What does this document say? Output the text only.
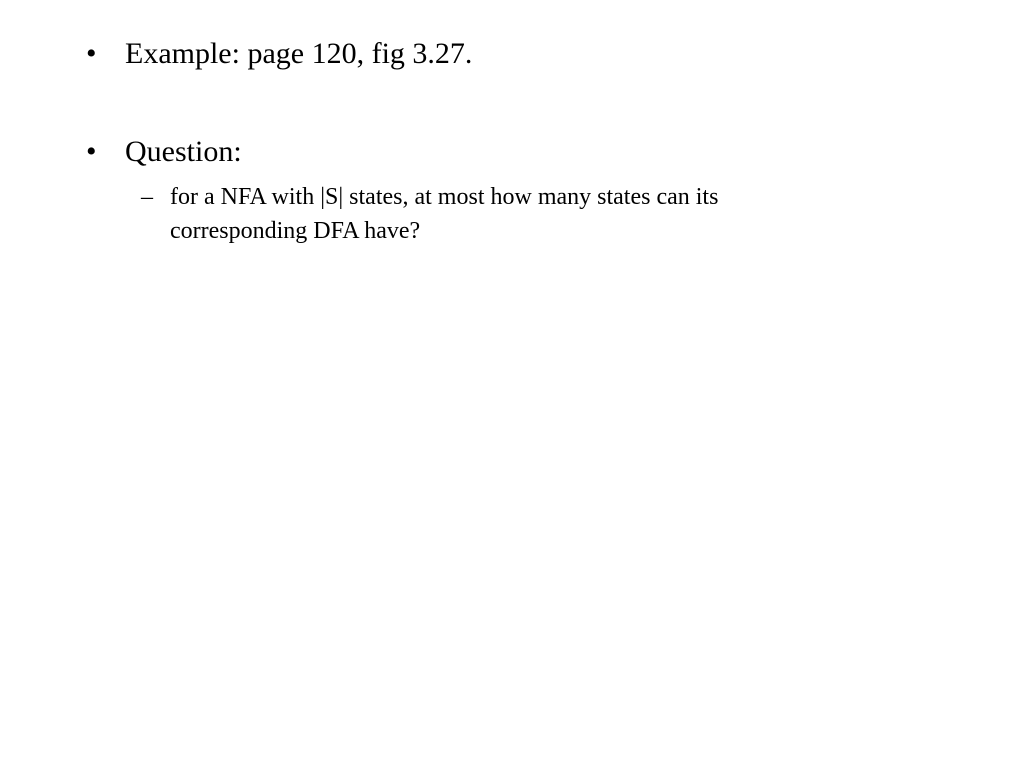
• Example: page 120, fig 3.27.
• Question:
– for a NFA with |S| states, at most how many states can its corresponding DFA have?
